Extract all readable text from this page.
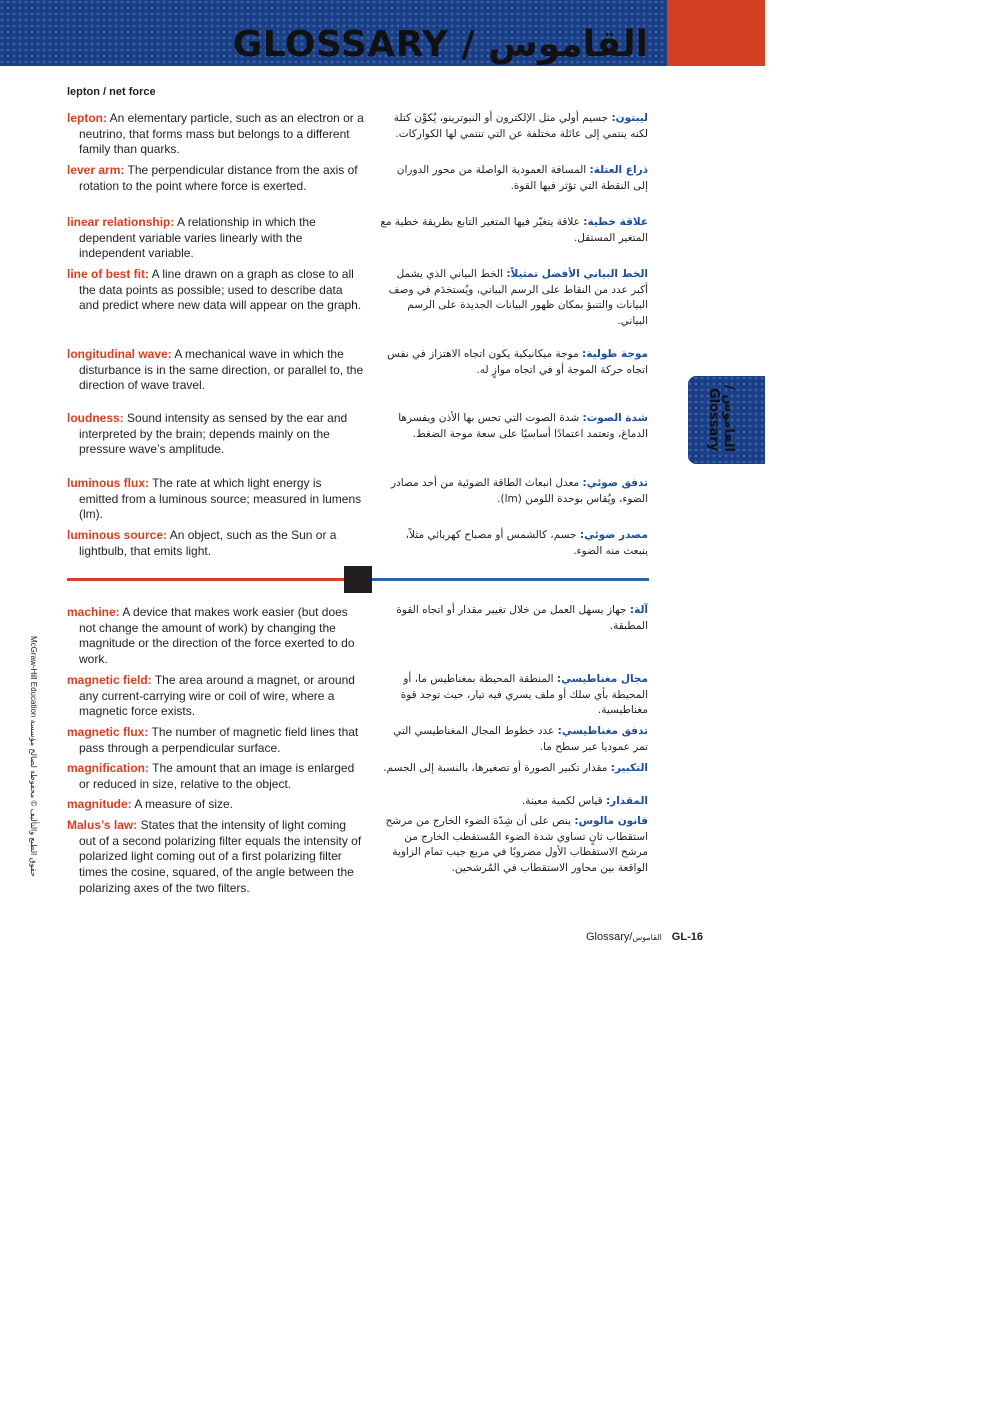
GLOSSARY / القاموس
lepton / net force

lepton: An elementary particle, such as an electron or a neutrino, that forms mass but belongs to a different family than quarks.

lever arm: The perpendicular distance from the axis of rotation to the point where force is exerted.

linear relationship: A relationship in which the dependent variable varies linearly with the independent variable.

line of best fit: A line drawn on a graph as close to all the data points as possible; used to describe data and predict where new data will appear on the graph.

longitudinal wave: A mechanical wave in which the disturbance is in the same direction, or parallel to, the direction of wave travel.

loudness: Sound intensity as sensed by the ear and interpreted by the brain; depends mainly on the pressure wave’s amplitude.

luminous flux: The rate at which light energy is emitted from a luminous source; measured in lumens (lm).

luminous source: An object, such as the Sun or a lightbulb, that emits light.

ليبتون: جسيم أولي مثل الإلكترون أو النيوترينو، يُكوِّن كتلة لكنه ينتمي إلى عائلة مختلفة عن التي تنتمي لها الكواركات.

ذراع العتلة: المسافة العمودية الواصلة من محور الدوران إلى النقطة التي تؤثر فيها القوة.

علاقة خطية: علاقة يتغيّر فيها المتغير التابع بطريقة خطية مع المتغير المستقل.

الخط البياني الأفضل تمثيلاً: الخط البياني الذي يشمل أكبر عدد من النقاط على الرسم البياني، ويُستخدَم في وصف البيانات والتنبؤ بمكان ظهور البيانات الجديدة على الرسم البياني.

موجة طولية: موجة ميكانيكية يكون اتجاه الاهتزاز في نفس اتجاه حركة الموجة أو في اتجاه موازٍ له.

شدة الصوت: شدة الصوت التي تحس بها الأذن ويفسرها الدماغ، وتعتمد اعتمادًا أساسيًا على سعة موجة الضغط.

تدفق ضوئي: معدل انبعاث الطاقة الضوئية من أحد مصادر الضوء، ويُقاس بوحدة اللومن (lm).

مصدر ضوئي: جسم، كالشمس أو مصباح كهربائي مثلاً، ينبعث منه الضوء.

M

machine: A device that makes work easier (but does not change the amount of work) by changing the magnitude or the direction of the force exerted to do work.

magnetic field: The area around a magnet, or around any current-carrying wire or coil of wire, where a magnetic force exists.

magnetic flux: The number of magnetic field lines that pass through a perpendicular surface.

magnification: The amount that an image is enlarged or reduced in size, relative to the object.

magnitude: A measure of size.

Malus’s law: States that the intensity of light coming out of a second polarizing filter equals the intensity of polarized light coming out of a first polarizing filter times the cosine, squared, of the angle between the polarizing axes of the two filters.

آلة: جهاز يسهل العمل من خلال تغيير مقدار أو اتجاه القوة المطبقة.

مجال مغناطيسي: المنطقة المحيطة بمغناطيس ما، أو المحيطة بأي سلك أو ملف يسري فيه تيار، حيث توجد قوة مغناطيسية.

تدفق مغناطيسي: عدد خطوط المجال المغناطيسي التي تمر عموديا عبر سطح ما.

التكبير: مقدار تكبير الصورة أو تصغيرها، بالنسبة إلى الجسم.

المقدار: قياس لكمية معينة.

قانون مالوس: ينص على أن شِدّة الضوء الخارج من مرشح استقطاب ثانٍ تساوي شدة الضوء المُستقطب الخارج من مرشح الاستقطاب الأول مضروبًا في مربع جيب تمام الزاوية الواقعة بين محاور الاستقطاب في المُرشحين.

القاموس /
Glossary
McGraw-Hill Education حقوق الطبع والتأليف © محفوظة لصالح مؤسسة
Glossary/القاموس GL-16
